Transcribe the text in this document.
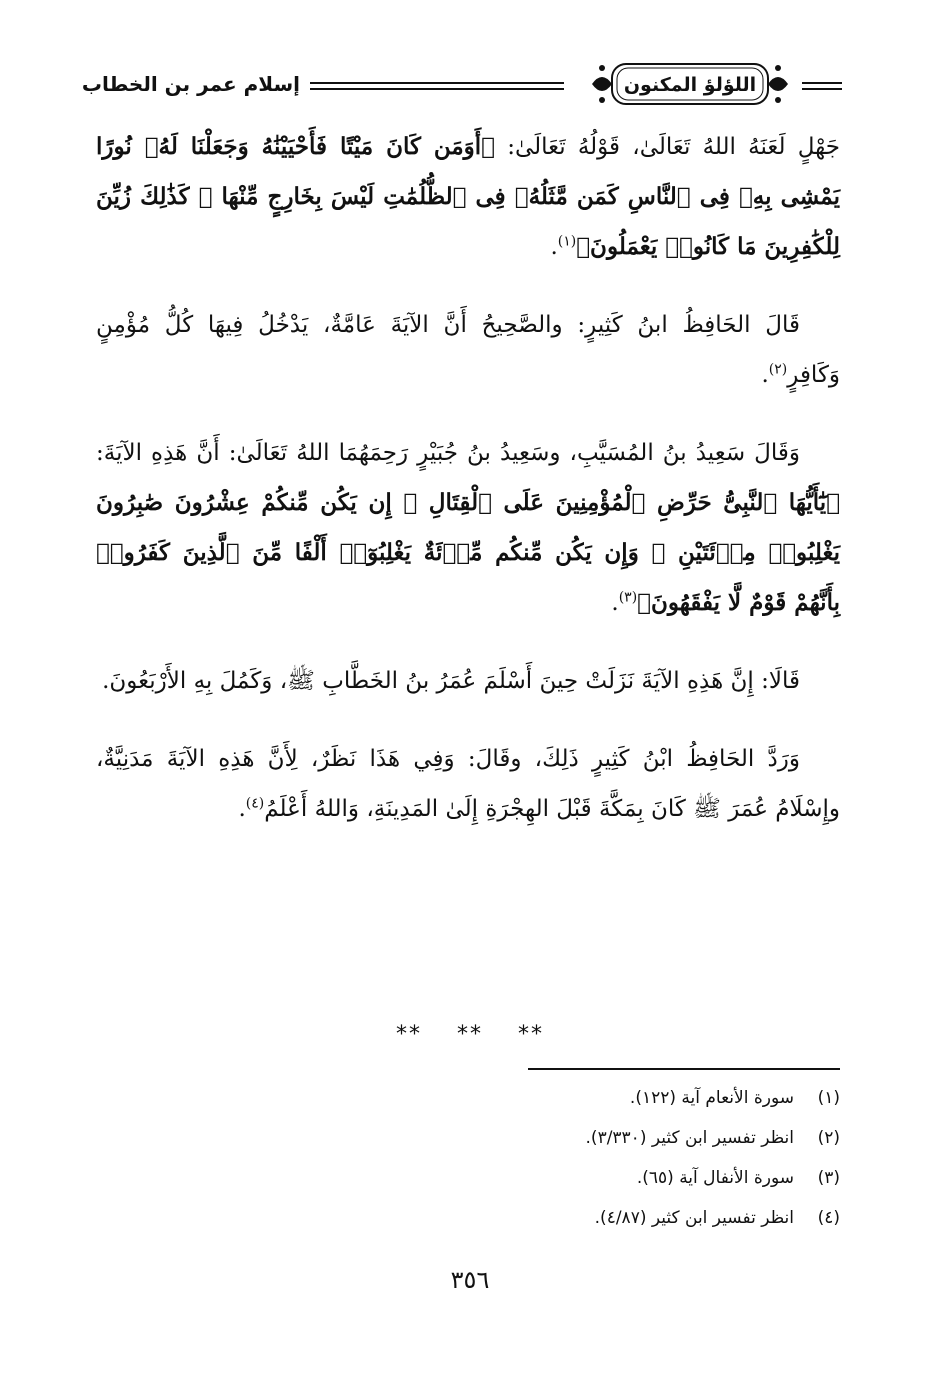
اللؤلؤ المكنون
إسلام عمر بن الخطاب

جَهْلٍ لَعَنَهُ اللهُ تَعَالَىٰ، قَوْلُهُ تَعَالَىٰ: ﴿أَوَمَن كَانَ مَيْتًا فَأَحْيَيْنَٰهُ وَجَعَلْنَا لَهُۥ نُورًا يَمْشِى بِهِۦ فِى ٱلنَّاسِ كَمَن مَّثَلُهُۥ فِى ٱلظُّلُمَٰتِ لَيْسَ بِخَارِجٍ مِّنْهَا ۚ كَذَٰلِكَ زُيِّنَ لِلْكَٰفِرِينَ مَا كَانُوا۟ يَعْمَلُونَ﴾$^{(١)}$.

قَالَ الحَافِظُ ابنُ كَثِيرٍ: والصَّحِيحُ أَنَّ الآيَةَ عَامَّةٌ، يَدْخُلُ فِيهَا كُلُّ مُؤْمِنٍ وَكَافِرٍ$^{(٢)}$.

وَقَالَ سَعِيدُ بنُ المُسَيَّبِ، وسَعِيدُ بنُ جُبَيْرٍ رَحِمَهُمَا اللهُ تَعَالَىٰ: أَنَّ هَذِهِ الآيَةَ: ﴿يَٰٓأَيُّهَا ٱلنَّبِىُّ حَرِّضِ ٱلْمُؤْمِنِينَ عَلَى ٱلْقِتَالِ ۚ إِن يَكُن مِّنكُمْ عِشْرُونَ صَٰبِرُونَ يَغْلِبُوا۟ مِا۟ئَتَيْنِ ۚ وَإِن يَكُن مِّنكُم مِّا۟ئَةٌ يَغْلِبُوٓا۟ أَلْفًا مِّنَ ٱلَّذِينَ كَفَرُوا۟ بِأَنَّهُمْ قَوْمٌ لَّا يَفْقَهُونَ﴾$^{(٣)}$.

قَالَا: إِنَّ هَذِهِ الآيَةَ نَزَلَتْ حِينَ أَسْلَمَ عُمَرُ بنُ الخَطَّابِ ﷺ، وَكَمُلَ بِهِ الأَرْبَعُونَ.

وَرَدَّ الحَافِظُ ابْنُ كَثِيرٍ ذَلِكَ، وقَالَ: وَفِي هَذَا نَظَرٌ، لِأَنَّ هَذِهِ الآيَةَ مَدَنِيَّةٌ، وإِسْلَامُ عُمَرَ ﷺ كَانَ بِمَكَّةَ قَبْلَ الهِجْرَةِ إِلَىٰ المَدِينَةِ، وَاللهُ أَعْلَمُ$^{(٤)}$.

** ** **
(١)سورة الأنعام آية (١٢٢).
(٢)انظر تفسير ابن كثير (٣/٣٣٠).
(٣)سورة الأنفال آية (٦٥).
(٤)انظر تفسير ابن كثير (٤/٨٧).
٣٥٦
